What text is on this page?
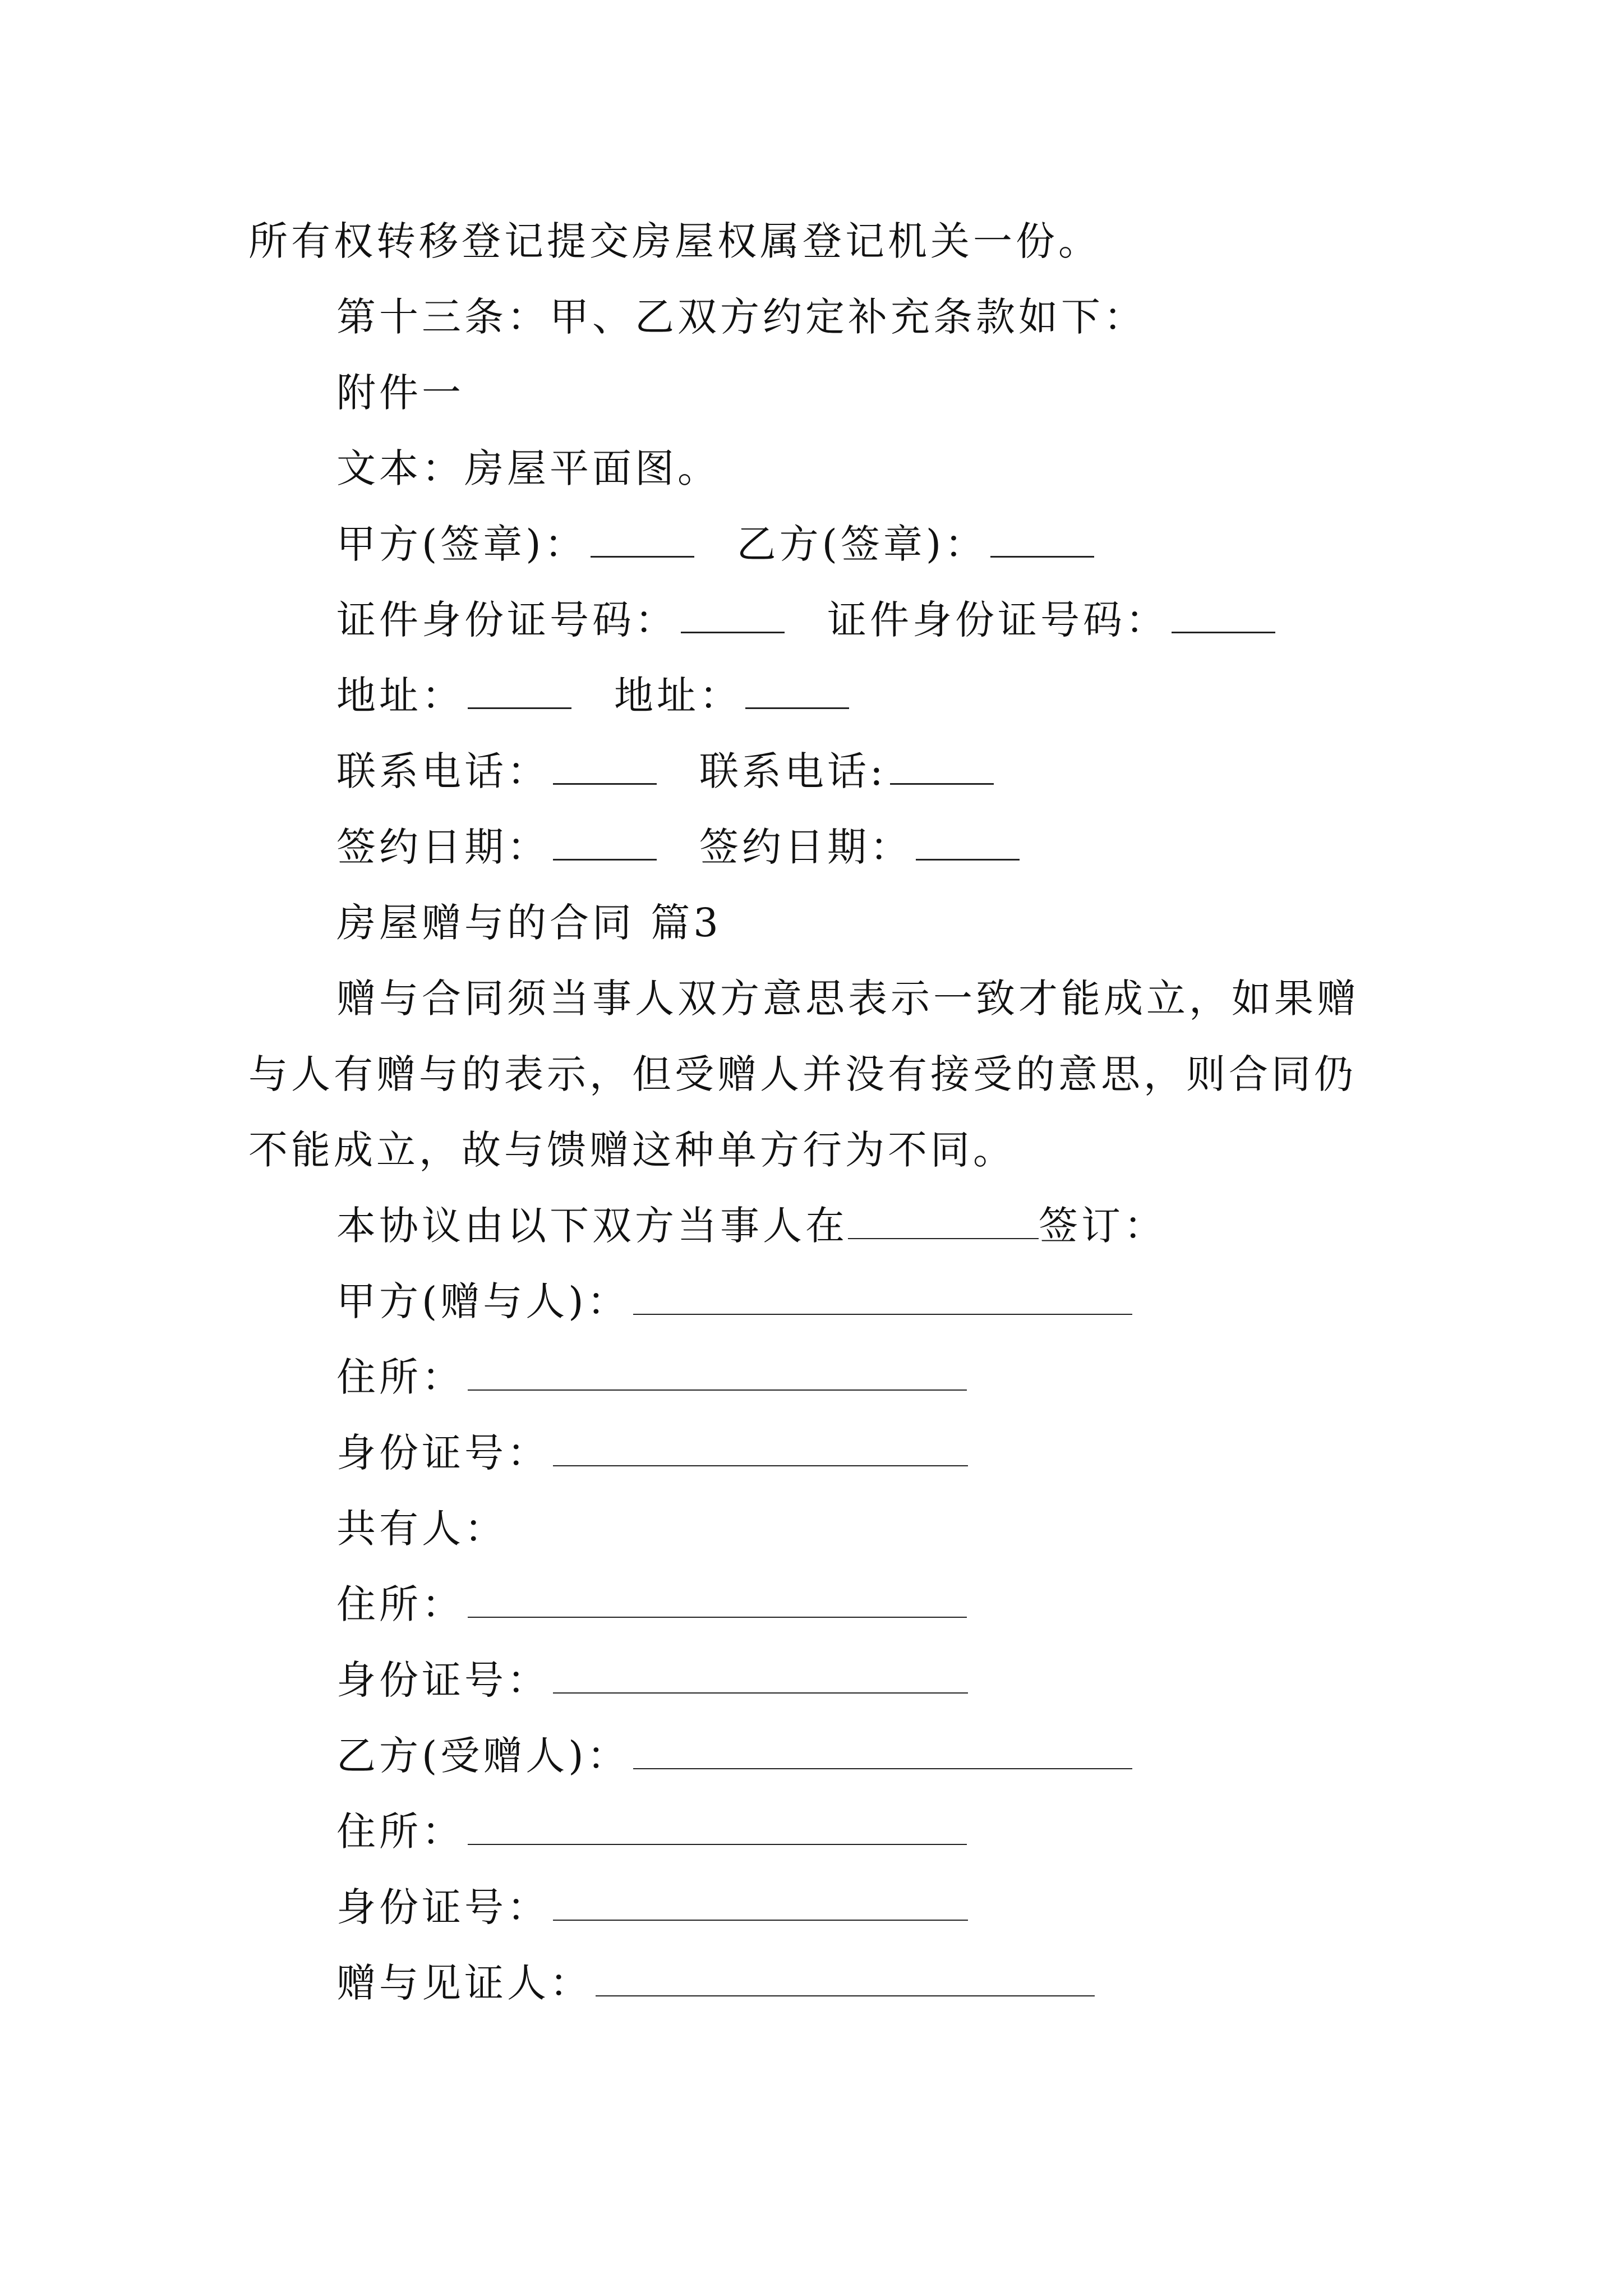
所有权转移登记提交房屋权属登记机关一份。
第十三条：甲、乙双方约定补充条款如下：
附件一
文本：房屋平面图。
甲方(签章)：	乙方(签章)：
证件身份证号码：	证件身份证号码：
地址：	地址：
联系电话：	联系电话:
签约日期：	签约日期：
房屋赠与的合同 篇3
赠与合同须当事人双方意思表示一致才能成立，如果赠
与人有赠与的表示，但受赠人并没有接受的意思，则合同仍
不能成立，故与馈赠这种单方行为不同。
本协议由以下双方当事人在	签订：
甲方(赠与人)：
住所：
身份证号：
共有人：
住所：
身份证号：
乙方(受赠人)：
住所：
身份证号：
赠与见证人：
